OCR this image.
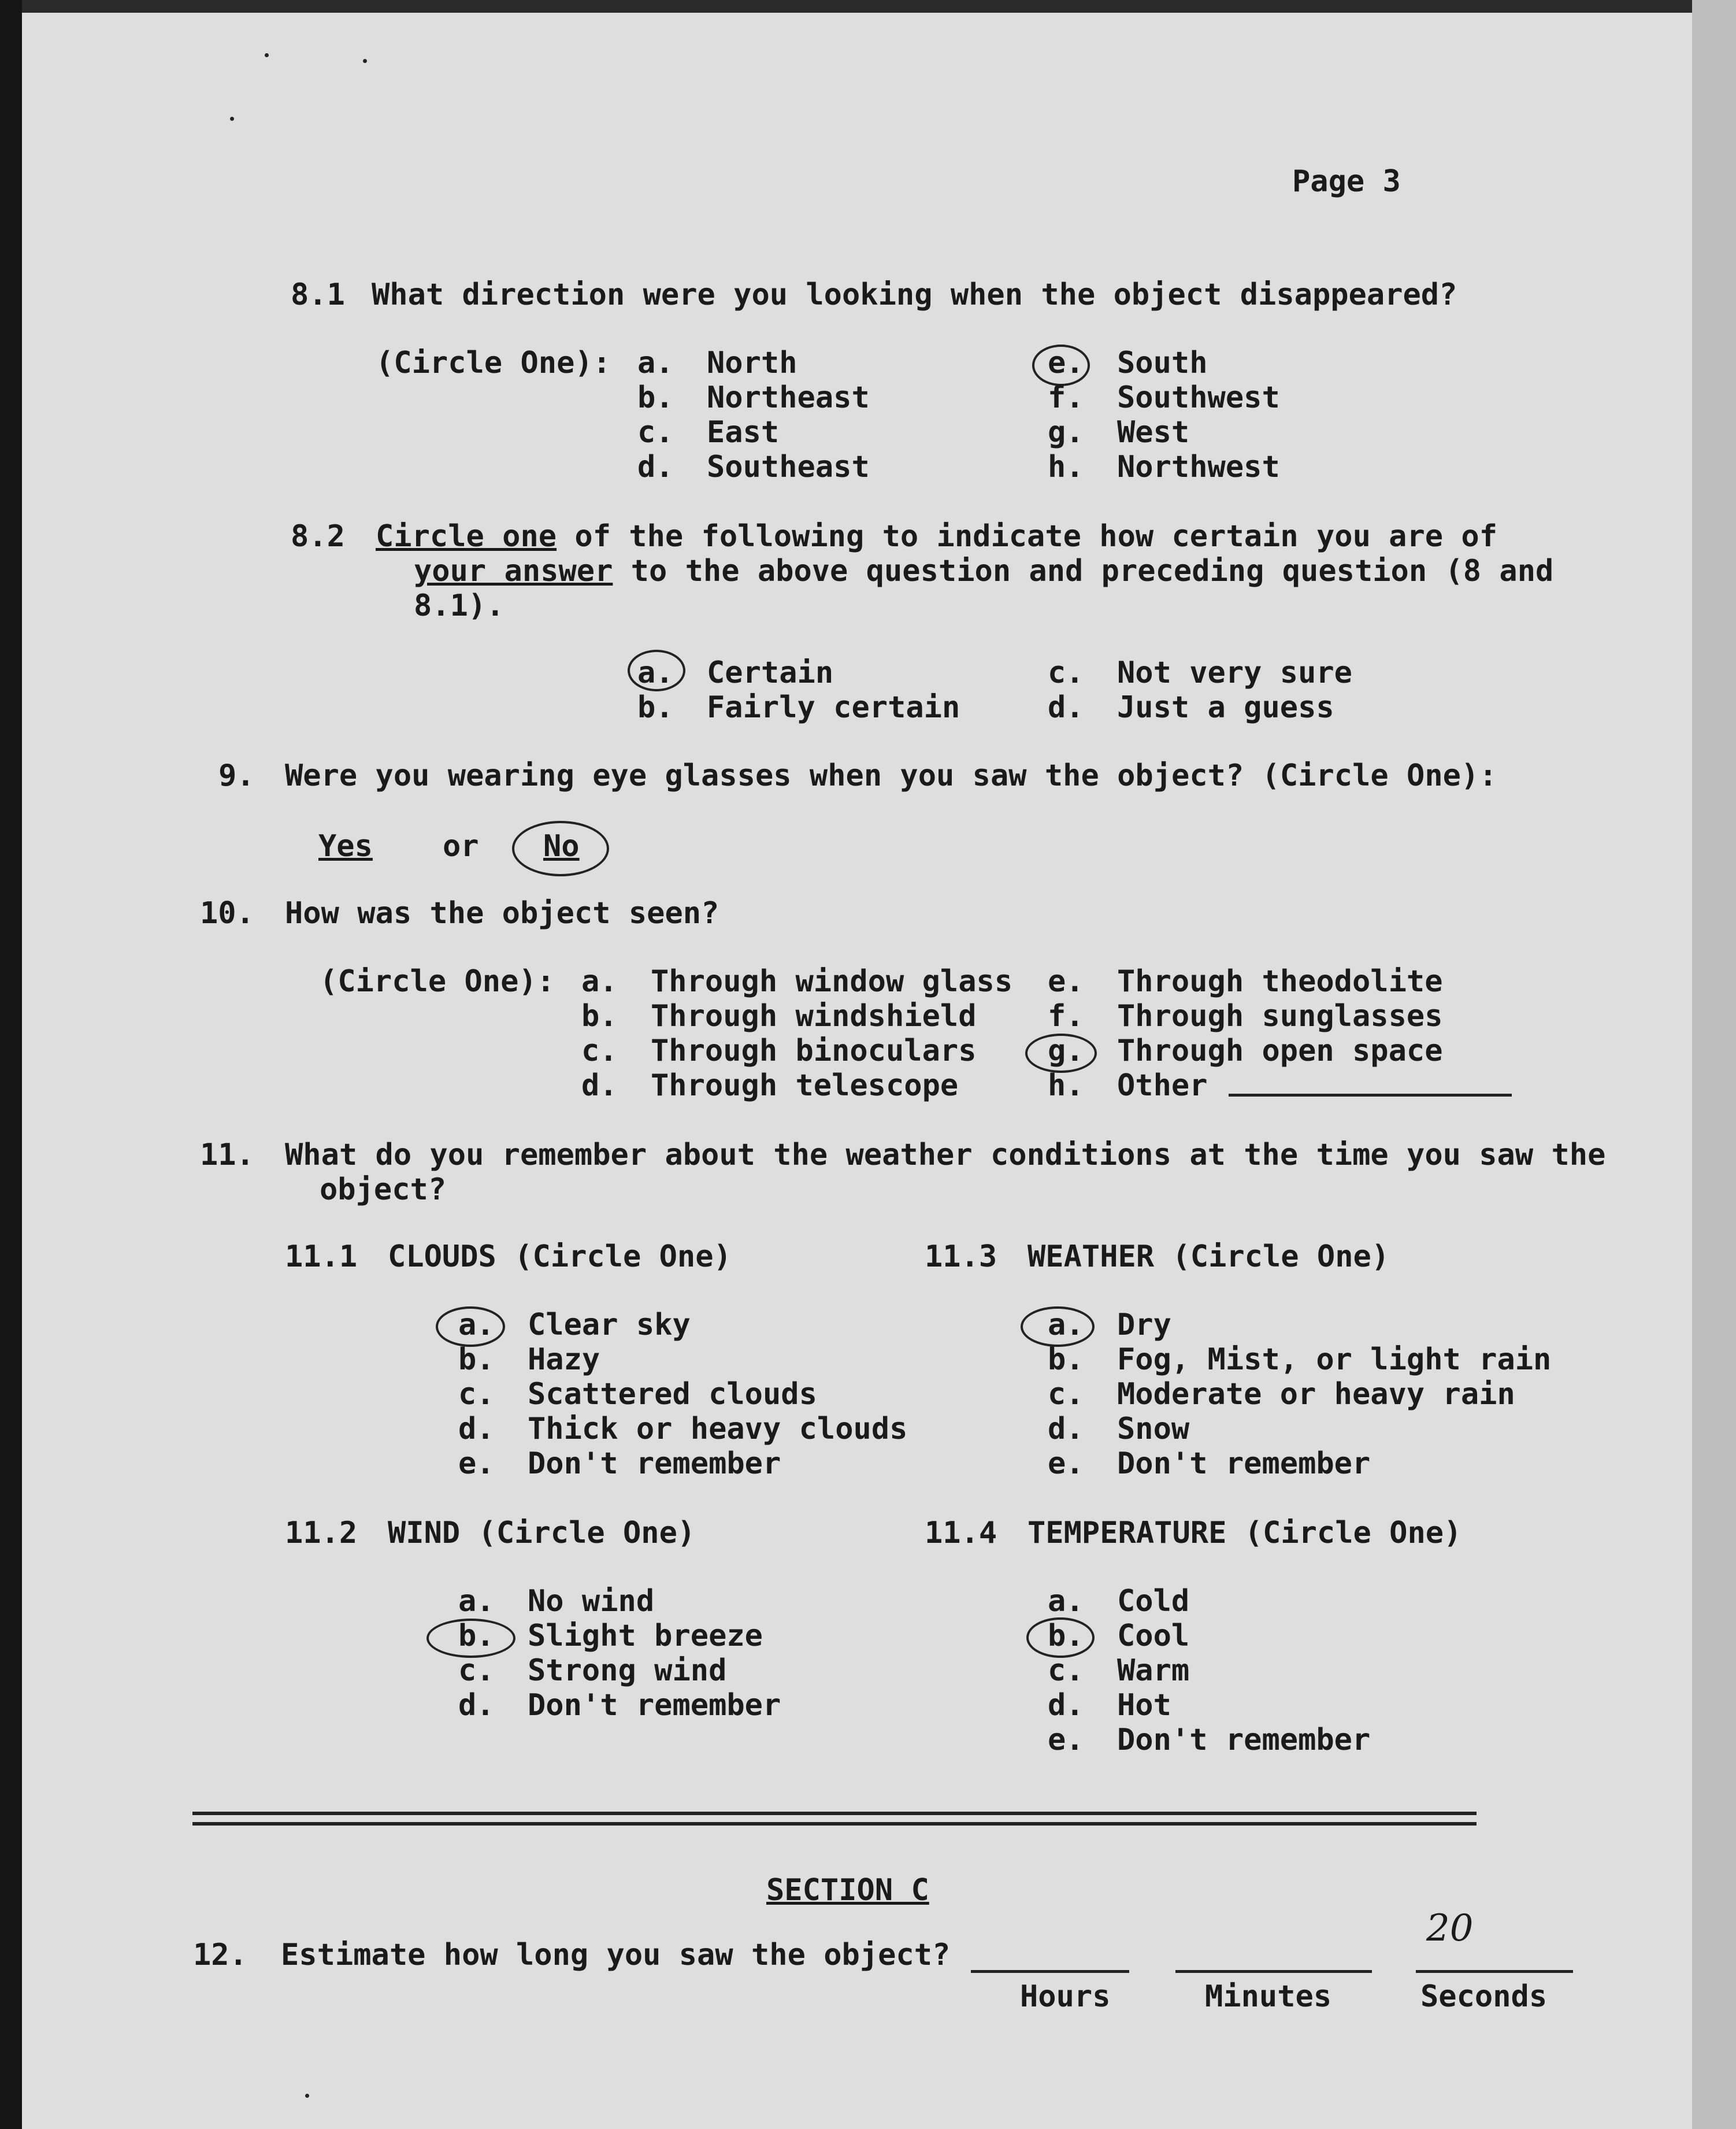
Page 3
8.1 What direction were you looking when the object disappeared?
(Circle One): a. North
b. Northeast
c. East
d. Southeast
e. South
f. Southwest
g. West
h. Northwest
8.2 Circle one of the following to indicate how certain you are of
your answer to the above question and preceding question (8 and
8.1).
a. Certain
b. Fairly certain
c. Not very sure
d. Just a guess
9. Were you wearing eye glasses when you saw the object? (Circle One):
Yes or No
10. How was the object seen?
(Circle One): a. Through window glass
b. Through windshield
c. Through binoculars
d. Through telescope
e. Through theodolite
f. Through sunglasses
g. Through open space
h. Other
11. What do you remember about the weather conditions at the time you saw the
object?
11.1 CLOUDS (Circle One)
a. Clear sky
b. Hazy
c. Scattered clouds
d. Thick or heavy clouds
e. Don't remember
11.3 WEATHER (Circle One)
a. Dry
b. Fog, Mist, or light rain
c. Moderate or heavy rain
d. Snow
e. Don't remember
11.2 WIND (Circle One)
a. No wind
b. Slight breeze
c. Strong wind
d. Don't remember
11.4 TEMPERATURE (Circle One)
a. Cold
b. Cool
c. Warm
d. Hot
e. Don't remember
SECTION C
12. Estimate how long you saw the object?
Hours	Minutes
20
Seconds
